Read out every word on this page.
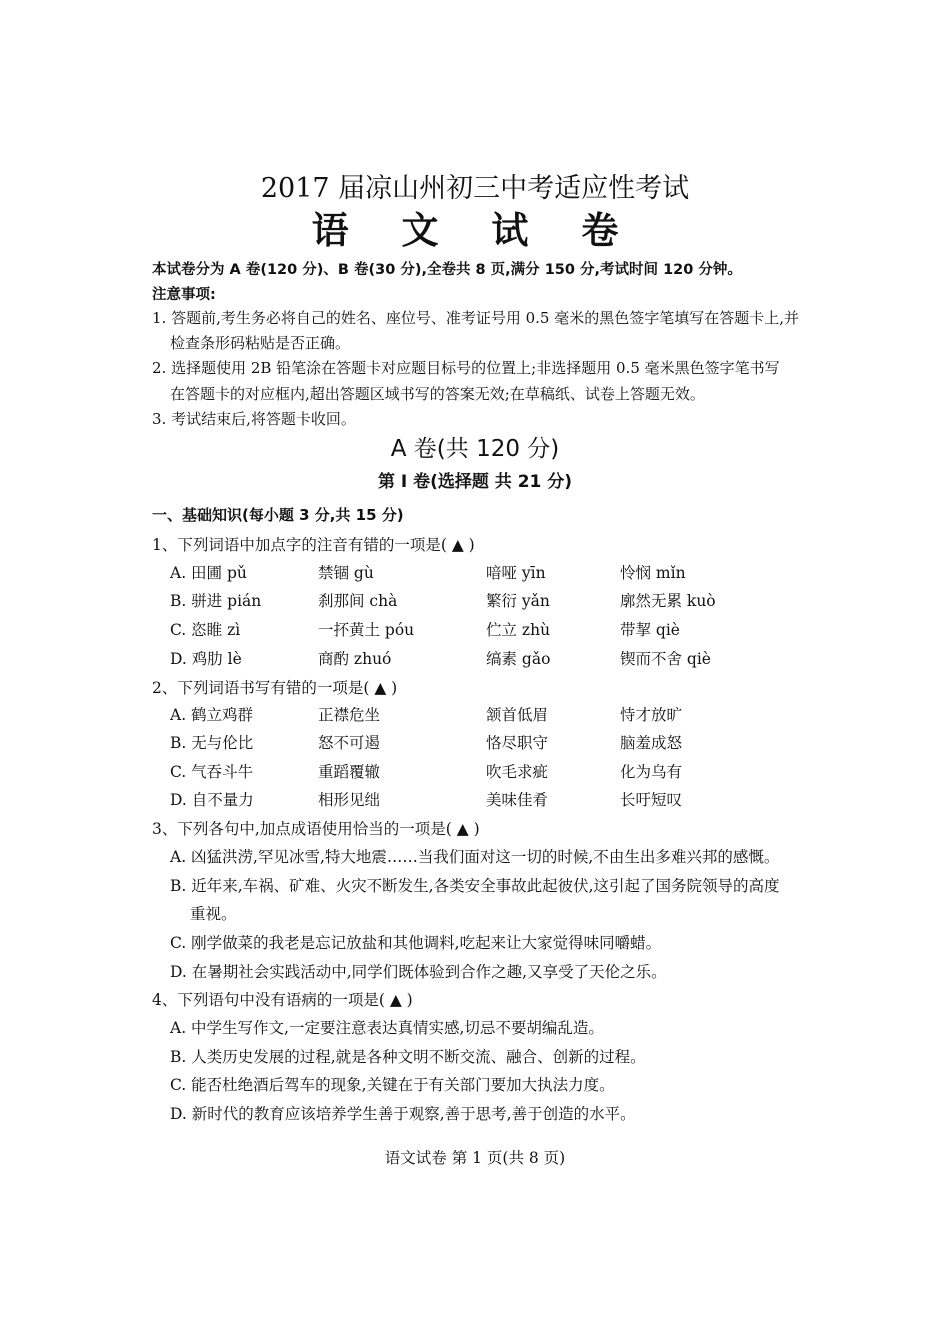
2017 届凉山州初三中考适应性考试
语 文 试 卷
本试卷分为 A 卷(120 分)、B 卷(30 分),全卷共 8 页,满分 150 分,考试时间 120 分钟。
注意事项:
1. 答题前,考生务必将自己的姓名、座位号、准考证号用 0.5 毫米的黑色签字笔填写在答题卡上,并
检查条形码粘贴是否正确。
2. 选择题使用 2B 铅笔涂在答题卡对应题目标号的位置上;非选择题用 0.5 毫米黑色签字笔书写
在答题卡的对应框内,超出答题区域书写的答案无效;在草稿纸、试卷上答题无效。
3. 考试结束后,将答题卡收回。
A 卷(共 120 分)
第 I 卷(选择题 共 21 分)
一、基础知识(每小题 3 分,共 15 分)
1、下列词语中加点字的注音有错的一项是( ▲ )
A. 田圃 pǔ	禁锢 gù	喑哑 yīn	怜悯 mǐn
B. 骈进 pián	刹那间 chà	繁衍 yǎn	廓然无累 kuò
C. 恣睢 zì	一抔黄土 póu	伫立 zhù	带挈 qiè
D. 鸡肋 lè	商酌 zhuó	缟素 gǎo	锲而不舍 qiè
2、下列词语书写有错的一项是( ▲ )
A. 鹤立鸡群	正襟危坐	颔首低眉	恃才放旷
B. 无与伦比	怒不可遏	恪尽职守	脑羞成怒
C. 气吞斗牛	重蹈覆辙	吹毛求疵	化为乌有
D. 自不量力	相形见绌	美味佳肴	长吁短叹
3、下列各句中,加点成语使用恰当的一项是( ▲ )
A. 凶猛洪涝,罕见冰雪,特大地震……当我们面对这一切的时候,不由生出多难兴邦的感慨。
B. 近年来,车祸、矿难、火灾不断发生,各类安全事故此起彼伏,这引起了国务院领导的高度
重视。
C. 刚学做菜的我老是忘记放盐和其他调料,吃起来让大家觉得味同嚼蜡。
D. 在暑期社会实践活动中,同学们既体验到合作之趣,又享受了天伦之乐。
4、下列语句中没有语病的一项是( ▲ )
A. 中学生写作文,一定要注意表达真情实感,切忌不要胡编乱造。
B. 人类历史发展的过程,就是各种文明不断交流、融合、创新的过程。
C. 能否杜绝酒后驾车的现象,关键在于有关部门要加大执法力度。
D. 新时代的教育应该培养学生善于观察,善于思考,善于创造的水平。
语文试卷 第 1 页(共 8 页)
